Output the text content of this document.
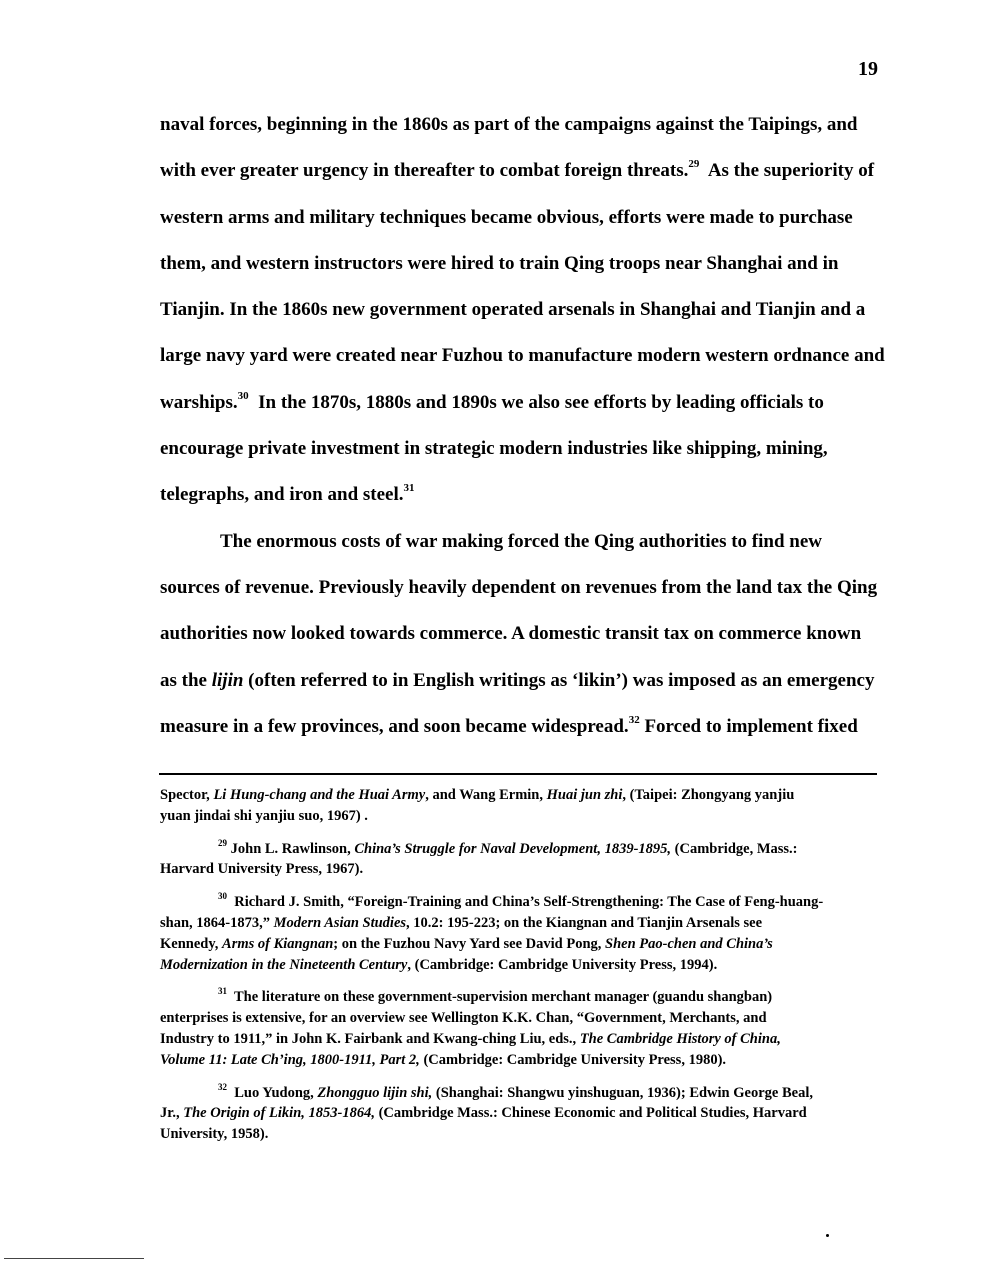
19
naval forces, beginning in the 1860s as part of the campaigns against the Taipings, and
with ever greater urgency in thereafter to combat foreign threats.$^{29}$ As the superiority of
western arms and military techniques became obvious, efforts were made to purchase
them, and western instructors were hired to train Qing troops near Shanghai and in
Tianjin. In the 1860s new government operated arsenals in Shanghai and Tianjin and a
large navy yard were created near Fuzhou to manufacture modern western ordnance and
warships.$^{30}$ In the 1870s, 1880s and 1890s we also see efforts by leading officials to
encourage private investment in strategic modern industries like shipping, mining,
telegraphs, and iron and steel.$^{31}$
The enormous costs of war making forced the Qing authorities to find new
sources of revenue. Previously heavily dependent on revenues from the land tax the Qing
authorities now looked towards commerce. A domestic transit tax on commerce known
as the lijin (often referred to in English writings as ‘likin’) was imposed as an emergency
measure in a few provinces, and soon became widespread.$^{32}$ Forced to implement fixed
Spector, Li Hung-chang and the Huai Army, and Wang Ermin, Huai jun zhi, (Taipei: Zhongyang yanjiu
yuan jindai shi yanjiu suo, 1967) .
$^{29}$ John L. Rawlinson, China’s Struggle for Naval Development, 1839-1895, (Cambridge, Mass.:
Harvard University Press, 1967).
$^{30}$ Richard J. Smith, “Foreign-Training and China’s Self-Strengthening: The Case of Feng-huang-
shan, 1864-1873,” Modern Asian Studies, 10.2: 195-223; on the Kiangnan and Tianjin Arsenals see
Kennedy, Arms of Kiangnan; on the Fuzhou Navy Yard see David Pong, Shen Pao-chen and China’s
Modernization in the Nineteenth Century, (Cambridge: Cambridge University Press, 1994).
$^{31}$ The literature on these government-supervision merchant manager (guandu shangban)
enterprises is extensive, for an overview see Wellington K.K. Chan, “Government, Merchants, and
Industry to 1911,” in John K. Fairbank and Kwang-ching Liu, eds., The Cambridge History of China,
Volume 11: Late Ch’ing, 1800-1911, Part 2, (Cambridge: Cambridge University Press, 1980).
$^{32}$ Luo Yudong, Zhongguo lijin shi, (Shanghai: Shangwu yinshuguan, 1936); Edwin George Beal,
Jr., The Origin of Likin, 1853-1864, (Cambridge Mass.: Chinese Economic and Political Studies, Harvard
University, 1958).
